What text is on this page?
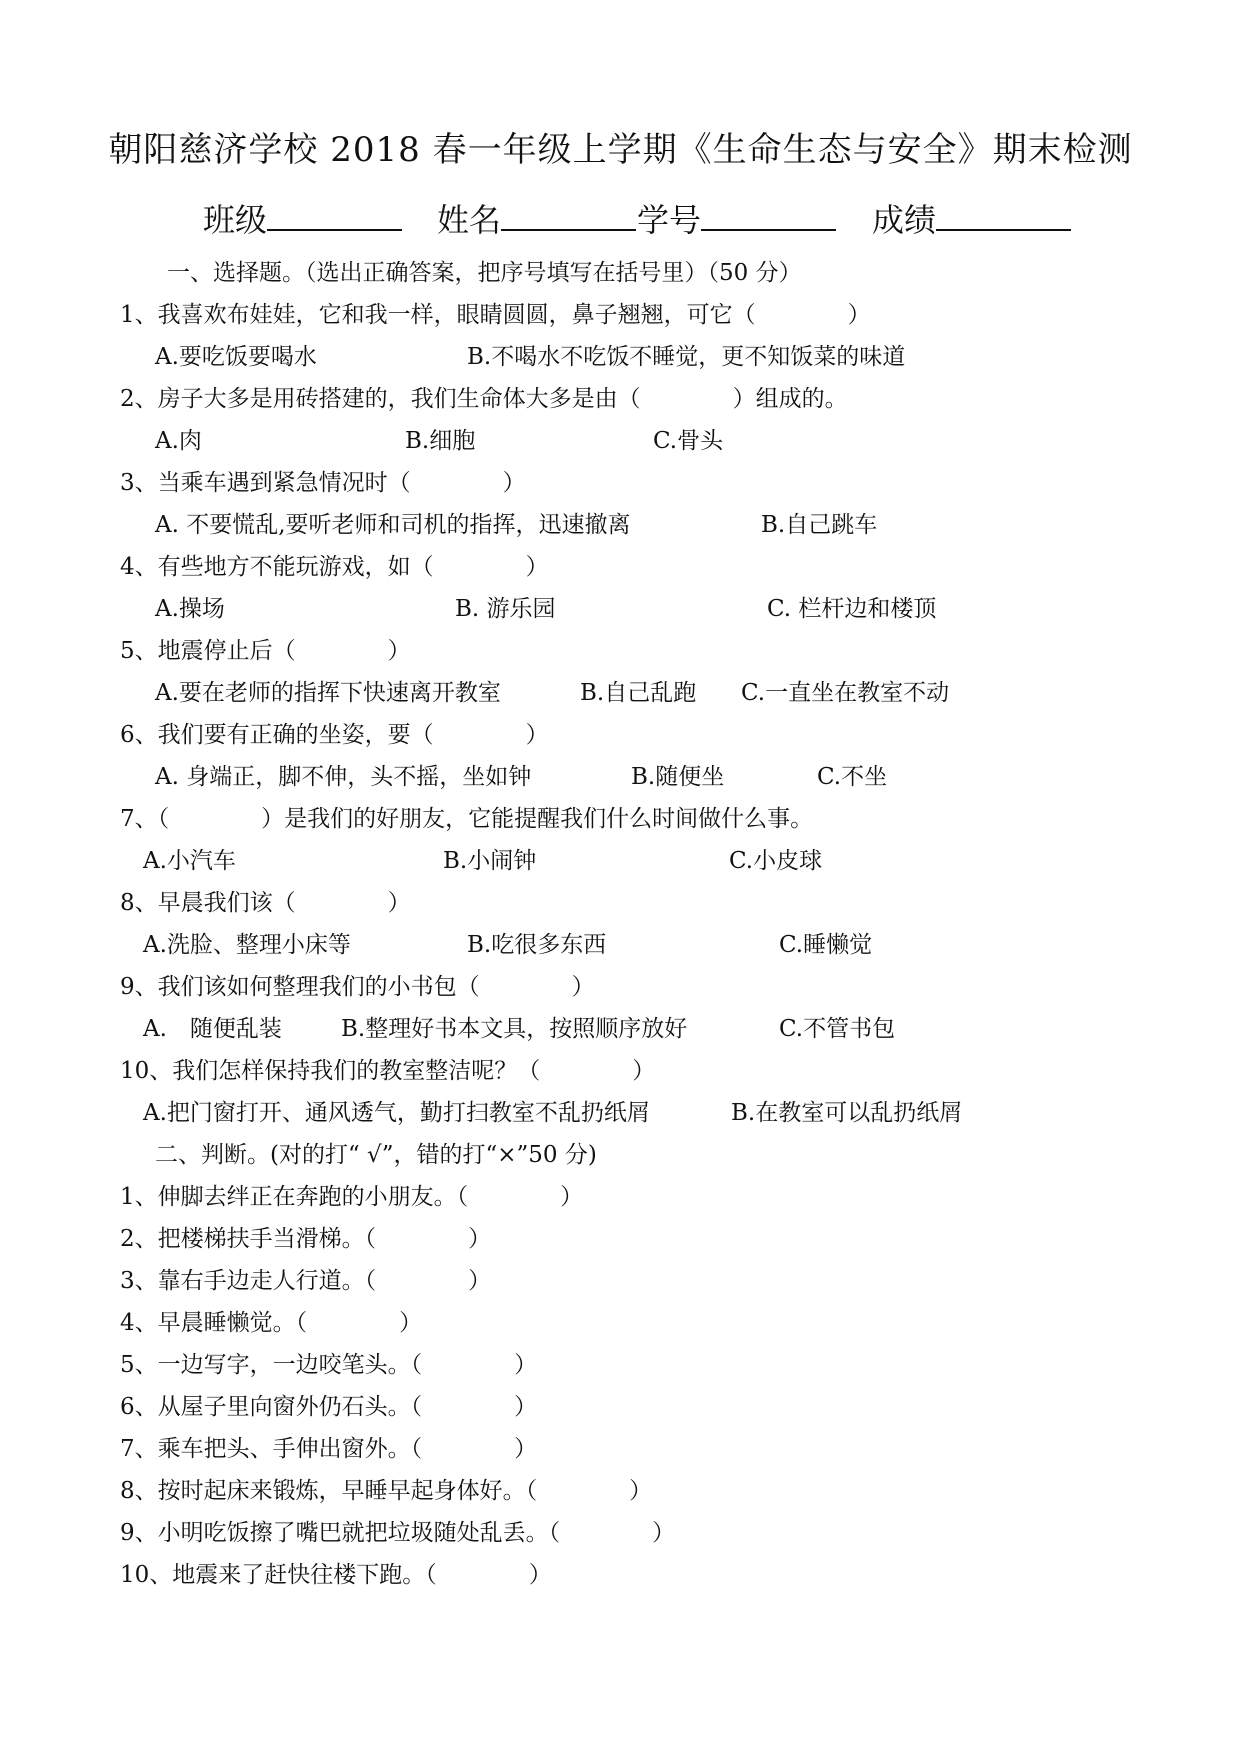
朝阳慈济学校 2018 春一年级上学期《生命生态与安全》期末检测
班级	姓名	学号	成绩
一、选择题。（选出正确答案，把序号填写在括号里）（50 分）
1、我喜欢布娃娃，它和我一样，眼睛圆圆，鼻子翘翘，可它（　　　　）
A.要吃饭要喝水	B.不喝水不吃饭不睡觉，更不知饭菜的味道
2、房子大多是用砖搭建的，我们生命体大多是由（　　　　）组成的。
A.肉	B.细胞	C.骨头
3、当乘车遇到紧急情况时（　　　　）
A. 不要慌乱,要听老师和司机的指挥，迅速撤离	B.自己跳车
4、有些地方不能玩游戏，如（　　　　）
A.操场	B. 游乐园	C. 栏杆边和楼顶
5、地震停止后（　　　　）
A.要在老师的指挥下快速离开教室	B.自己乱跑 C.一直坐在教室不动
6、我们要有正确的坐姿，要（　　　　）
A. 身端正，脚不伸，头不摇，坐如钟	B.随便坐	C.不坐
7、（　　　　）是我们的好朋友，它能提醒我们什么时间做什么事。
A.小汽车	B.小闹钟	C.小皮球
8、早晨我们该（　　　　）
A.洗脸、整理小床等	B.吃很多东西	C.睡懒觉
9、我们该如何整理我们的小书包（　　　　）
A.　随便乱装	B.整理好书本文具，按照顺序放好	C.不管书包
10、我们怎样保持我们的教室整洁呢？（　　　　）
A.把门窗打开、通风透气，勤打扫教室不乱扔纸屑	B.在教室可以乱扔纸屑
二、判断。(对的打“ √”，错的打“×”50 分)
1、伸脚去绊正在奔跑的小朋友。（　　　　）
2、把楼梯扶手当滑梯。（　　　　）
3、靠右手边走人行道。（　　　　）
4、早晨睡懒觉。（　　　　）
5、一边写字，一边咬笔头。（　　　　）
6、从屋子里向窗外仍石头。（　　　　）
7、乘车把头、手伸出窗外。（　　　　）
8、按时起床来锻炼，早睡早起身体好。（　　　　）
9、小明吃饭擦了嘴巴就把垃圾随处乱丢。（　　　　）
10、地震来了赶快往楼下跑。（　　　　）
